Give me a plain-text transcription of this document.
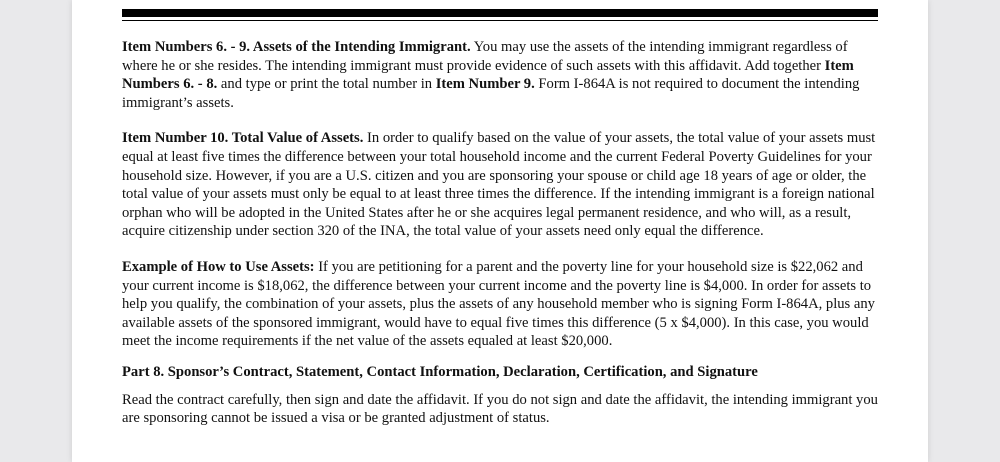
Item Numbers 6. - 9. Assets of the Intending Immigrant. You may use the assets of the intending immigrant regardless of where he or she resides. The intending immigrant must provide evidence of such assets with this affidavit. Add together Item Numbers 6. - 8. and type or print the total number in Item Number 9. Form I-864A is not required to document the intending immigrant’s assets.

Item Number 10. Total Value of Assets. In order to qualify based on the value of your assets, the total value of your assets must equal at least five times the difference between your total household income and the current Federal Poverty Guidelines for your household size. However, if you are a U.S. citizen and you are sponsoring your spouse or child age 18 years of age or older, the total value of your assets must only be equal to at least three times the difference. If the intending immigrant is a foreign national orphan who will be adopted in the United States after he or she acquires legal permanent residence, and who will, as a result, acquire citizenship under section 320 of the INA, the total value of your assets need only equal the difference.

Example of How to Use Assets: If you are petitioning for a parent and the poverty line for your household size is $22,062 and your current income is $18,062, the difference between your current income and the poverty line is $4,000. In order for assets to help you qualify, the combination of your assets, plus the assets of any household member who is signing Form I-864A, plus any available assets of the sponsored immigrant, would have to equal five times this difference (5 x $4,000). In this case, you would meet the income requirements if the net value of the assets equaled at least $20,000.

Part 8. Sponsor’s Contract, Statement, Contact Information, Declaration, Certification, and Signature

Read the contract carefully, then sign and date the affidavit. If you do not sign and date the affidavit, the intending immigrant you are sponsoring cannot be issued a visa or be granted adjustment of status.
